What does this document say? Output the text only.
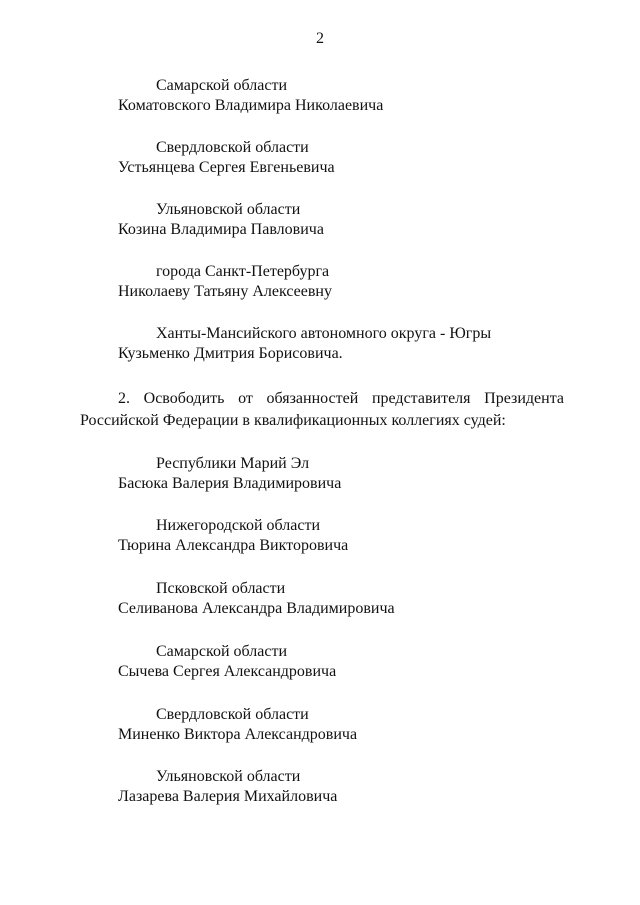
2
Самарской области
Коматовского Владимира Николаевича
Свердловской области
Устьянцева Сергея Евгеньевича
Ульяновской области
Козина Владимира Павловича
города Санкт-Петербурга
Николаеву Татьяну Алексеевну
Ханты-Мансийского автономного округа - Югры
Кузьменко Дмитрия Борисовича.
2. Освободить от обязанностей представителя Президента
Российской Федерации в квалификационных коллегиях судей:
Республики Марий Эл
Басюка Валерия Владимировича
Нижегородской области
Тюрина Александра Викторовича
Псковской области
Селиванова Александра Владимировича
Самарской области
Сычева Сергея Александровича
Свердловской области
Миненко Виктора Александровича
Ульяновской области
Лазарева Валерия Михайловича
